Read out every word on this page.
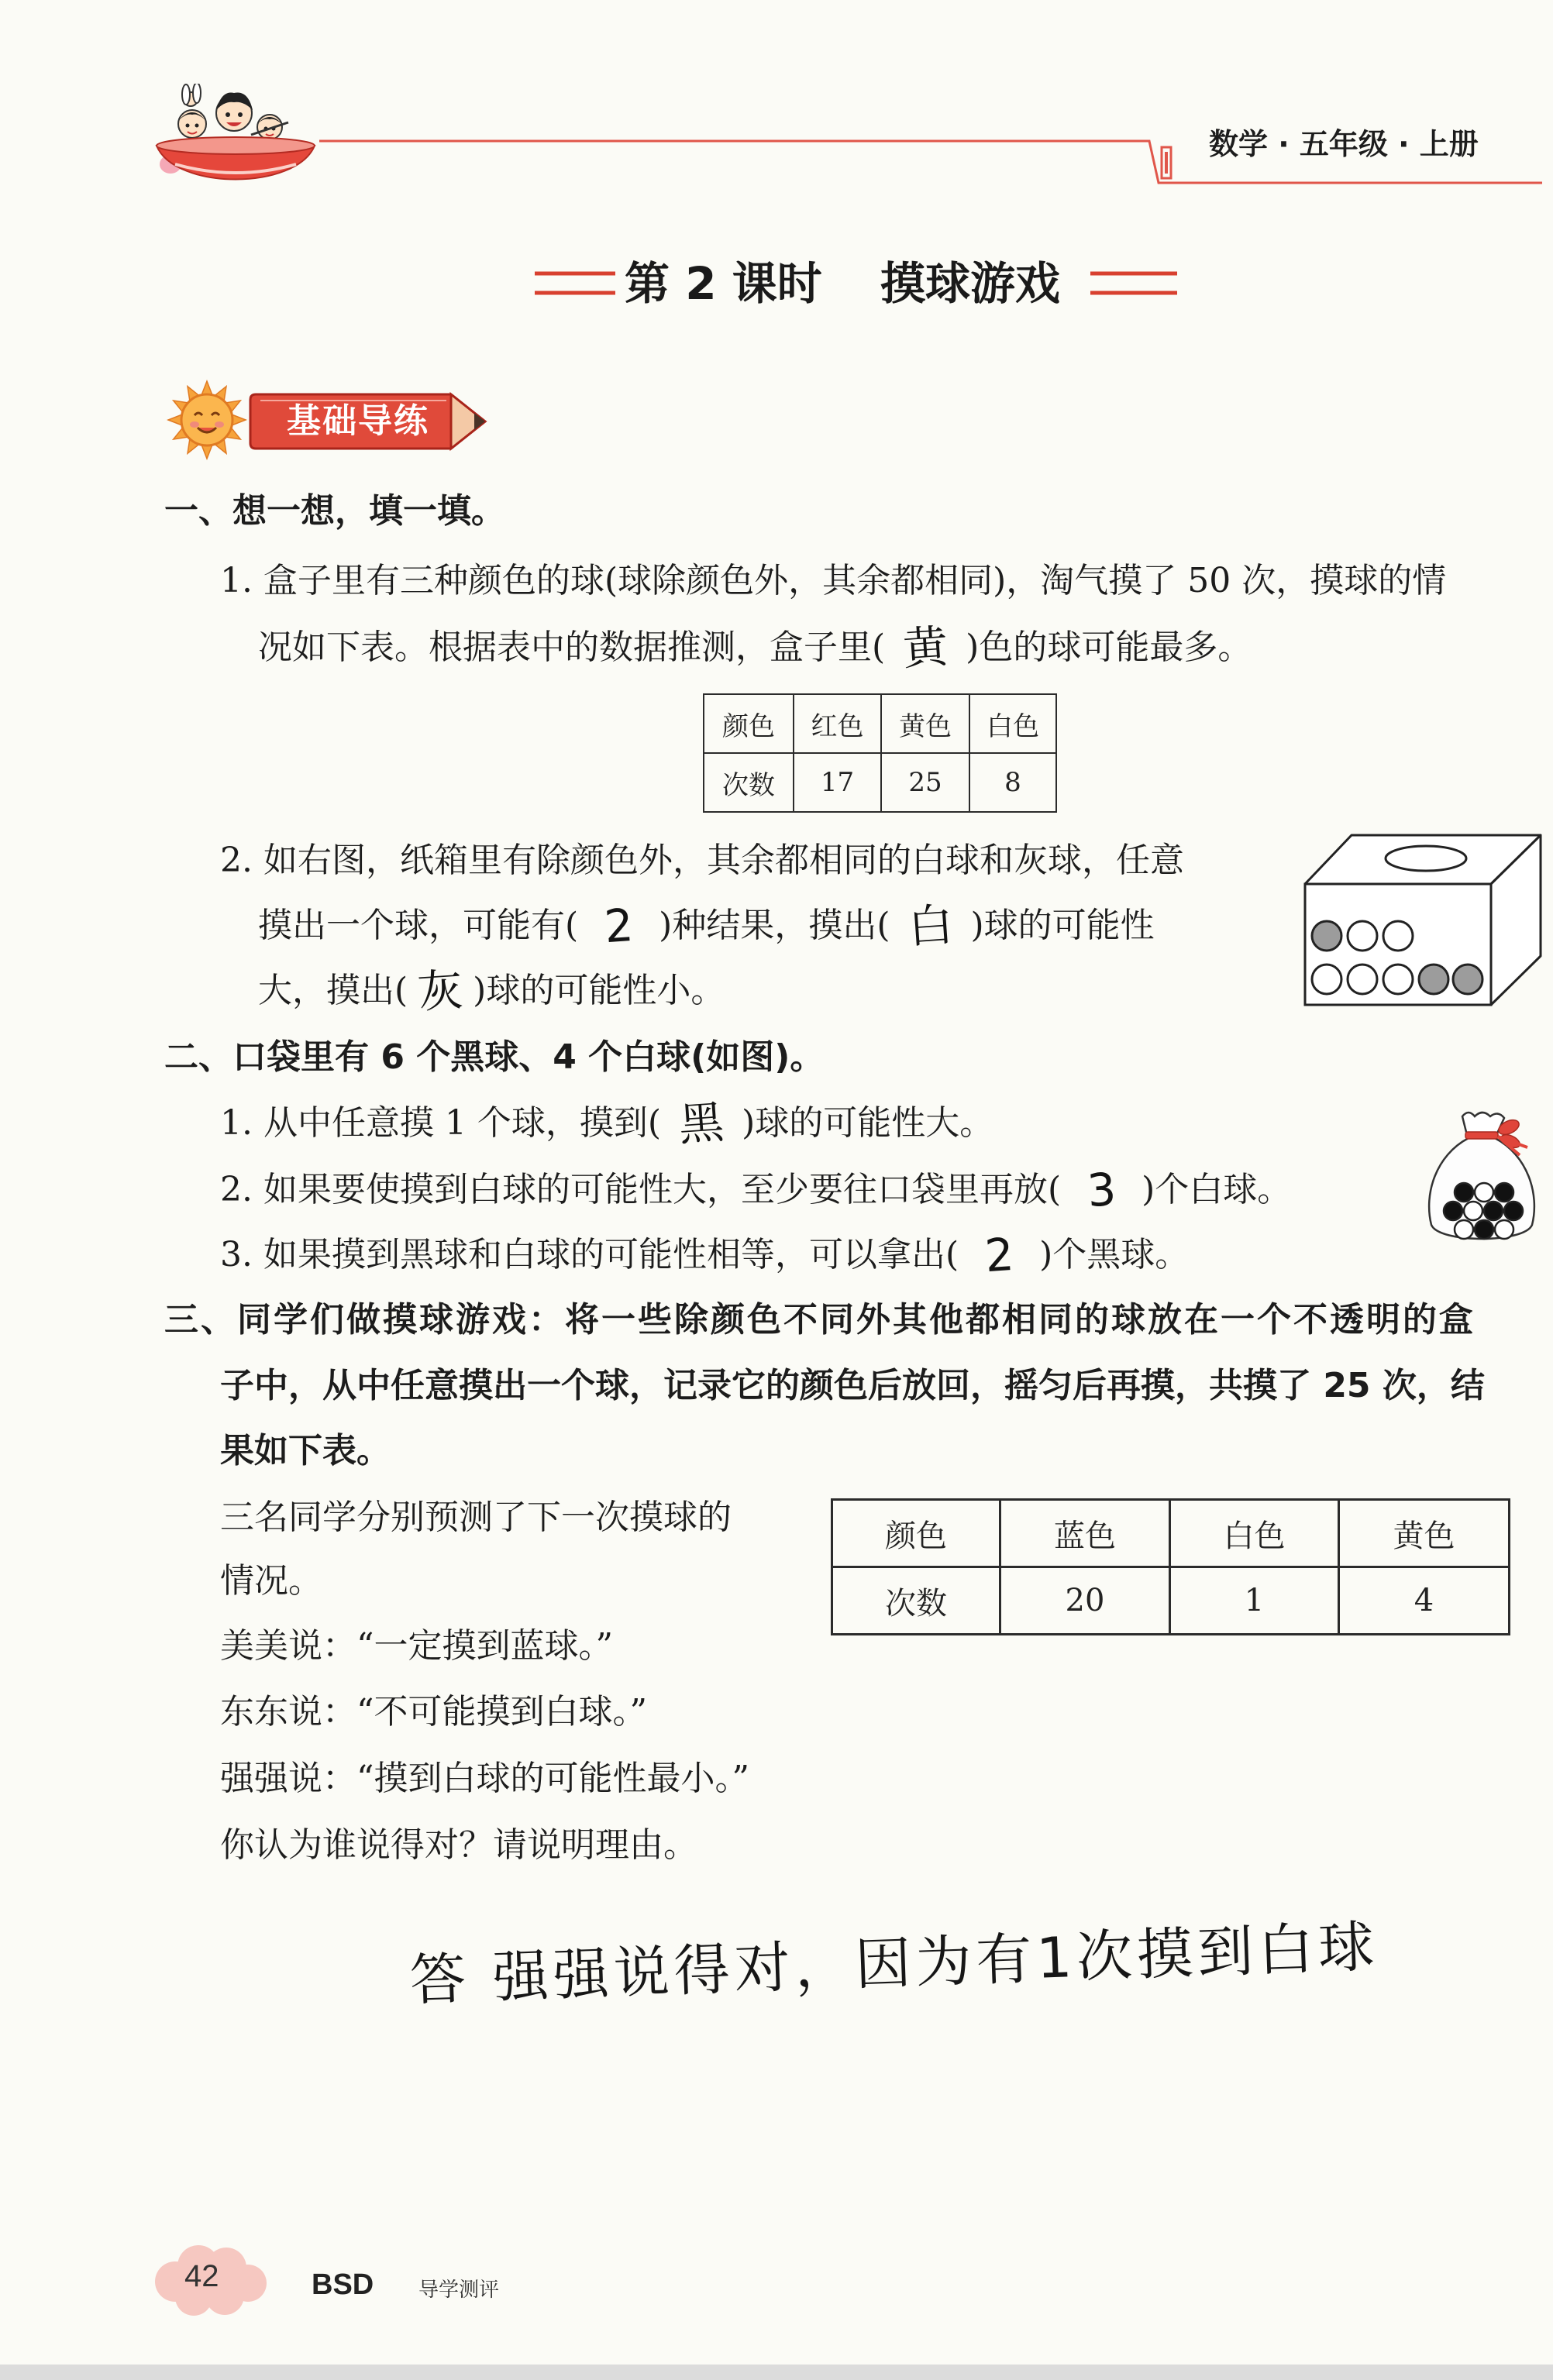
数学 · 五年级 · 上册
第 2 课时 摸球游戏
基础导练
一、想一想，填一填。
1. 盒子里有三种颜色的球(球除颜色外，其余都相同)，淘气摸了 50 次，摸球的情
况如下表。根据表中的数据推测，盒子里( 黄 )色的球可能最多。
颜色	红色	黄色	白色
次数	17	25	8
2. 如右图，纸箱里有除颜色外，其余都相同的白球和灰球，任意
摸出一个球，可能有( 2 )种结果，摸出( 白 )球的可能性
大，摸出( 灰 )球的可能性小。
二、口袋里有 6 个黑球、4 个白球(如图)。
1. 从中任意摸 1 个球，摸到( 黑 )球的可能性大。
2. 如果要使摸到白球的可能性大，至少要往口袋里再放( 3 )个白球。
3. 如果摸到黑球和白球的可能性相等，可以拿出( 2 )个黑球。
三、同学们做摸球游戏：将一些除颜色不同外其他都相同的球放在一个不透明的盒
子中，从中任意摸出一个球，记录它的颜色后放回，摇匀后再摸，共摸了 25 次，结
果如下表。
三名同学分别预测了下一次摸球的
情况。
美美说：“一定摸到蓝球。”
东东说：“不可能摸到白球。”
强强说：“摸到白球的可能性最小。”
你认为谁说得对？请说明理由。
颜色	蓝色	白色	黄色
次数	20	1	4
答 强强说得对，因为有1次摸到白球
42	BSD 导学测评
